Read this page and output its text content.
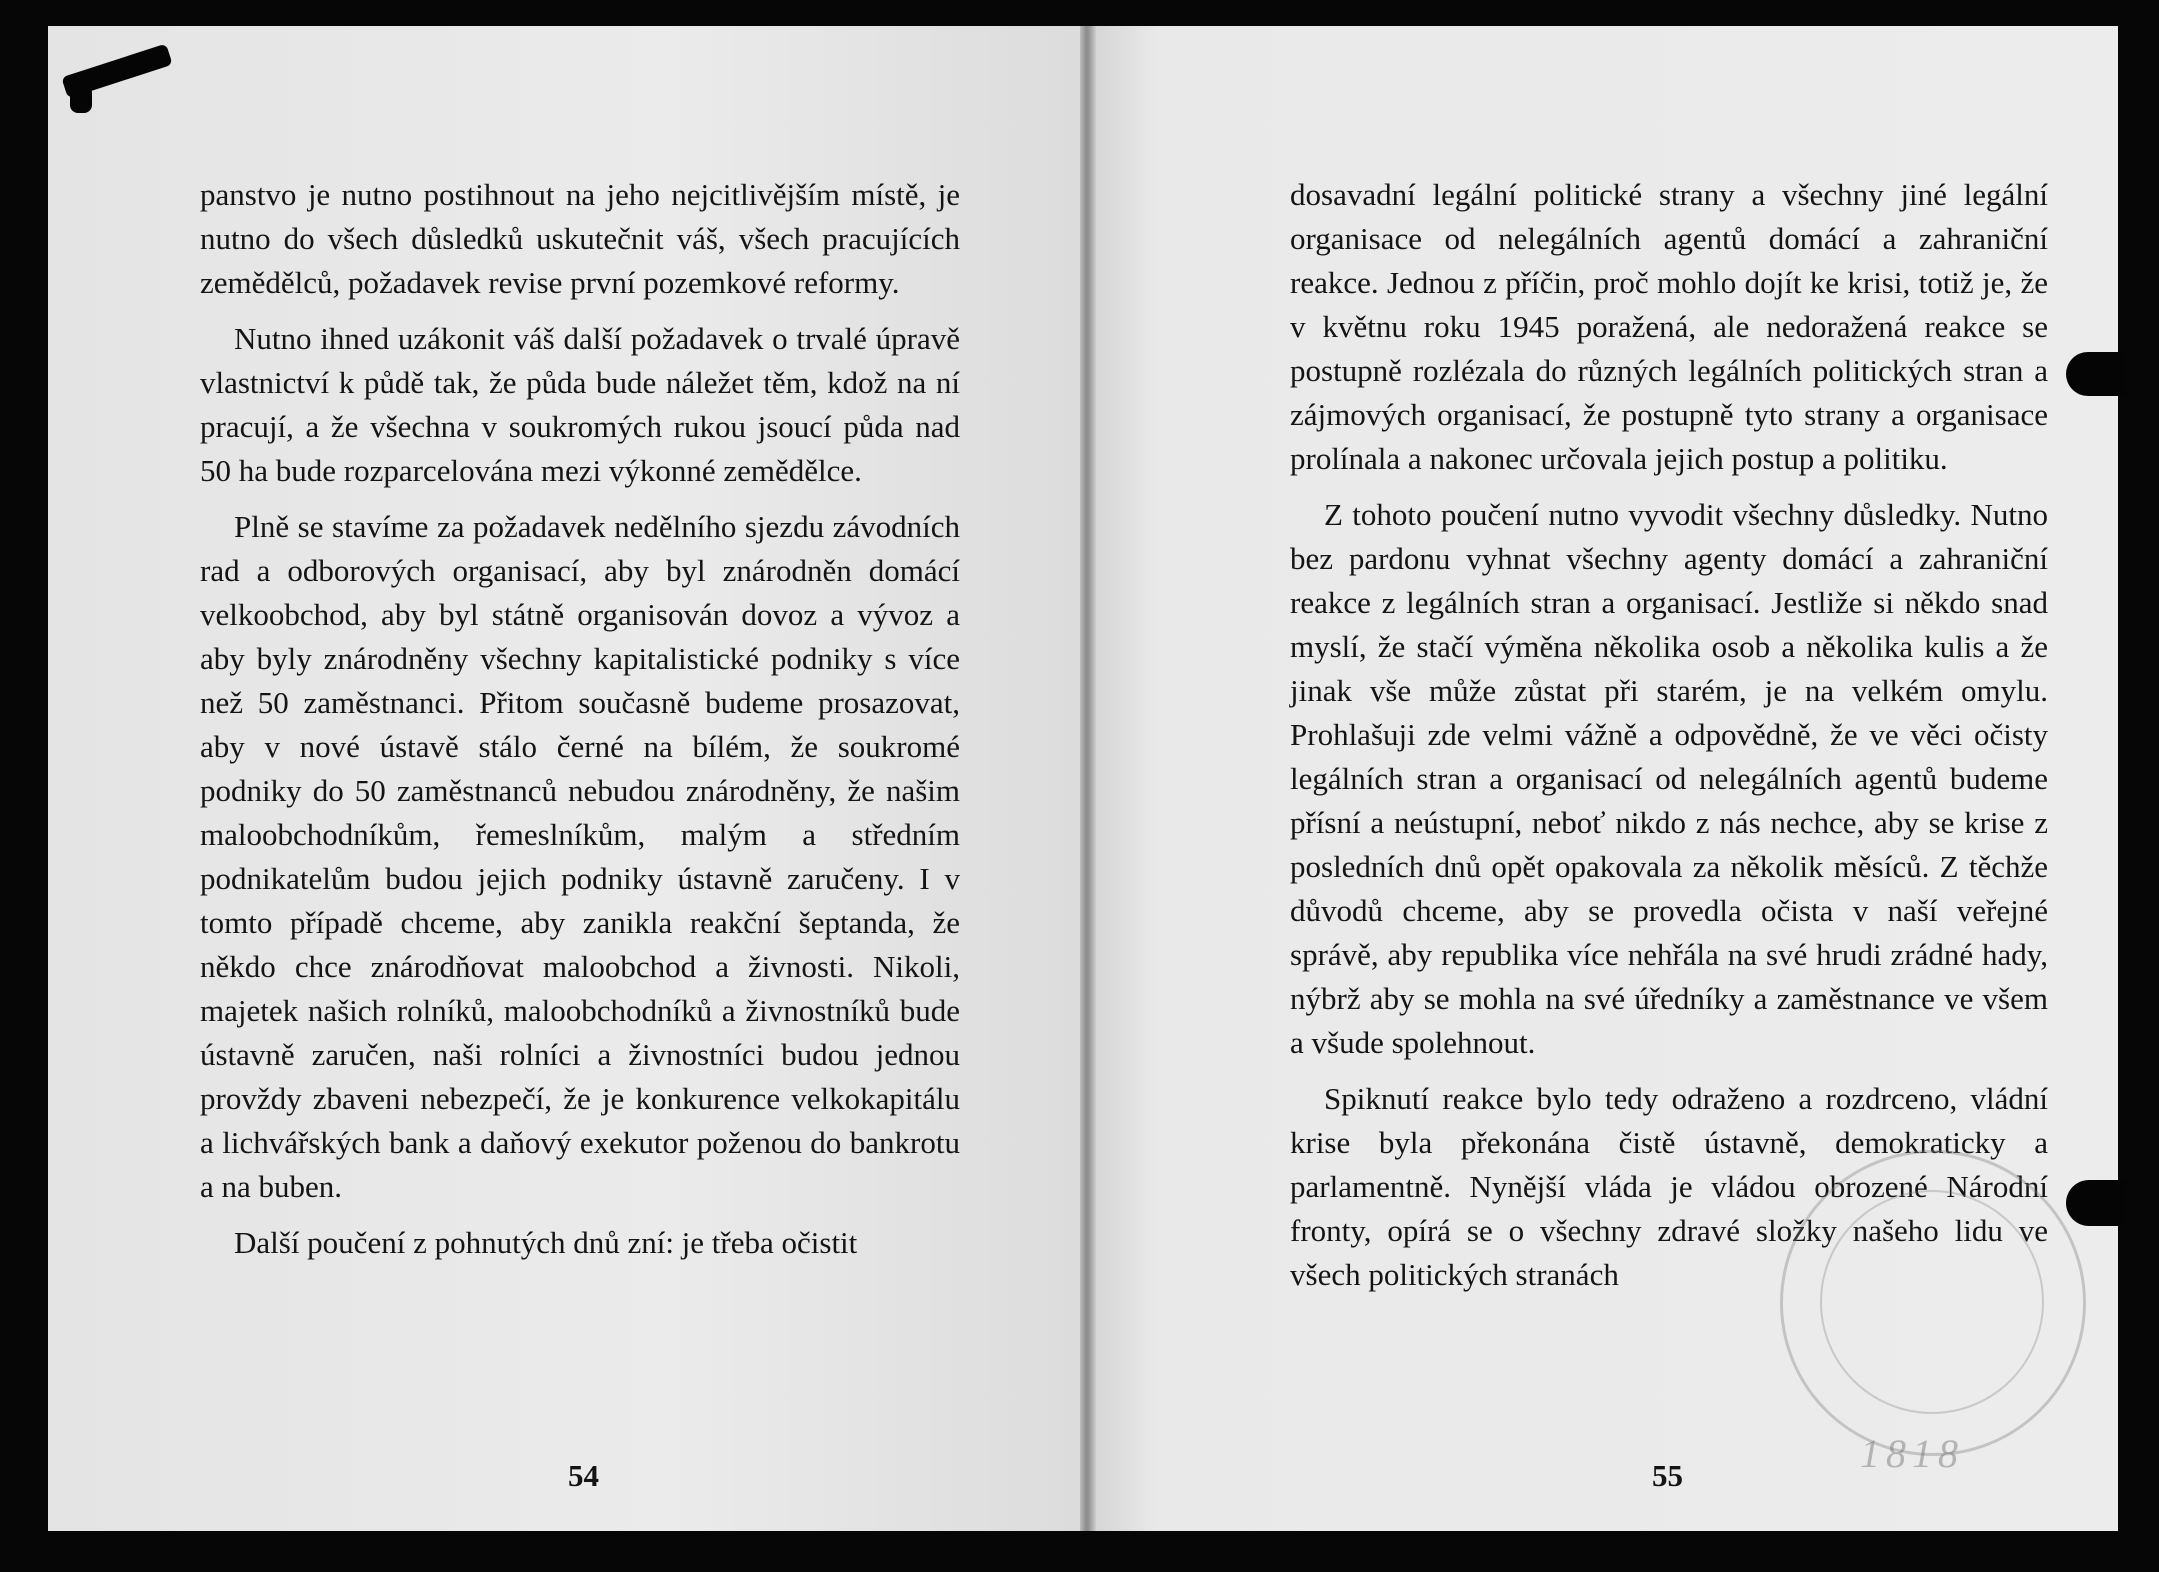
panstvo je nutno postihnout na jeho nejcitlivějším místě, je nutno do všech důsledků uskutečnit váš, všech pracujících zemědělců, požadavek revise první pozemkové reformy.

Nutno ihned uzákonit váš další požadavek o trvalé úpravě vlastnictví k půdě tak, že půda bude náležet těm, kdož na ní pracují, a že všechna v soukromých rukou jsoucí půda nad 50 ha bude rozparcelována mezi výkonné zemědělce.

Plně se stavíme za požadavek nedělního sjezdu závodních rad a odborových organisací, aby byl znárodněn domácí velkoobchod, aby byl státně organisován dovoz a vývoz a aby byly znárodněny všechny kapitalistické podniky s více než 50 zaměstnanci. Přitom současně budeme prosazovat, aby v nové ústavě stálo černé na bílém, že soukromé podniky do 50 zaměstnanců nebudou znárodněny, že našim maloobchodníkům, řemeslníkům, malým a středním podnikatelům budou jejich podniky ústavně zaručeny. I v tomto případě chceme, aby zanikla reakční šeptanda, že někdo chce znárodňovat maloobchod a živnosti. Nikoli, majetek našich rolníků, maloobchodníků a živnostníků bude ústavně zaručen, naši rolníci a živnostníci budou jednou provždy zbaveni nebezpečí, že je konkurence velkokapitálu a lichvářských bank a daňový exekutor poženou do bankrotu a na buben.

Další poučení z pohnutých dnů zní: je třeba očistit

54

dosavadní legální politické strany a všechny jiné legální organisace od nelegálních agentů domácí a zahraniční reakce. Jednou z příčin, proč mohlo dojít ke krisi, totiž je, že v květnu roku 1945 poražená, ale nedoražená reakce se postupně rozlézala do různých legálních politických stran a zájmových organisací, že postupně tyto strany a organisace prolínala a nakonec určovala jejich postup a politiku.

Z tohoto poučení nutno vyvodit všechny důsledky. Nutno bez pardonu vyhnat všechny agenty domácí a zahraniční reakce z legálních stran a organisací. Jestliže si někdo snad myslí, že stačí výměna několika osob a několika kulis a že jinak vše může zůstat při starém, je na velkém omylu. Prohlašuji zde velmi vážně a odpovědně, že ve věci očisty legálních stran a organisací od nelegálních agentů budeme přísní a neústupní, neboť nikdo z nás nechce, aby se krise z posledních dnů opět opakovala za několik měsíců. Z těchže důvodů chceme, aby se provedla očista v naší veřejné správě, aby republika více nehřála na své hrudi zrádné hady, nýbrž aby se mohla na své úředníky a zaměstnance ve všem a všude spolehnout.

Spiknutí reakce bylo tedy odraženo a rozdrceno, vládní krise byla překonána čistě ústavně, demokraticky a parlamentně. Nynější vláda je vládou obrozené Národní fronty, opírá se o všechny zdravé složky našeho lidu ve všech politických stranách

55	1818
